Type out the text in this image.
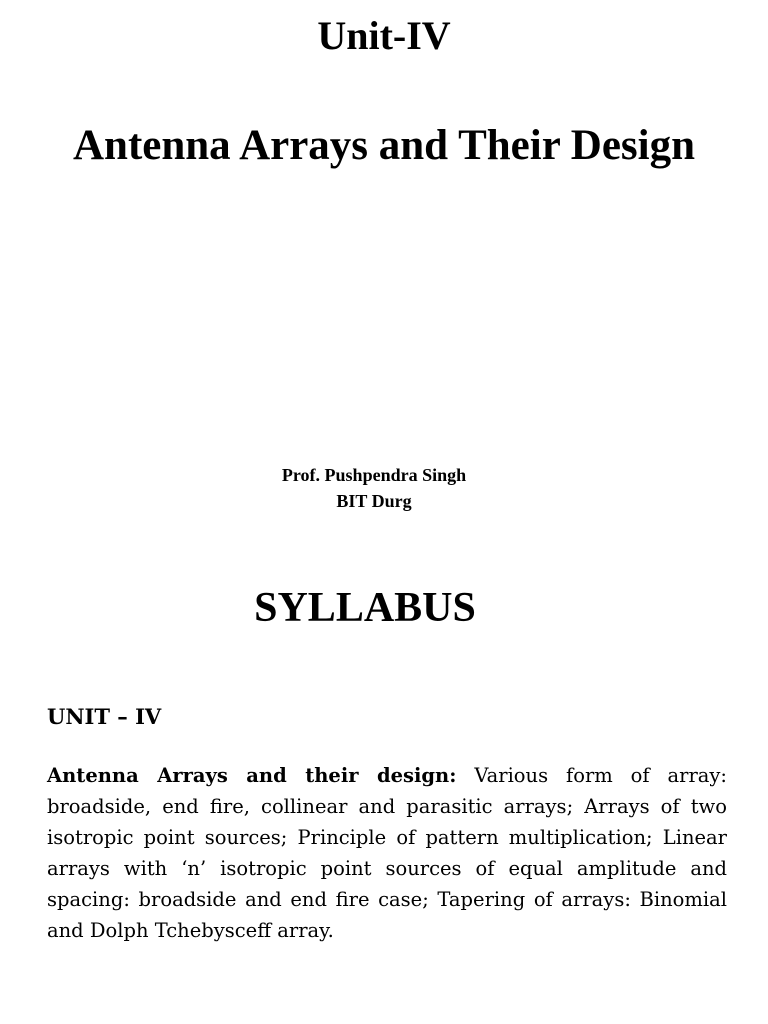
Unit-IV
Antenna Arrays and Their Design
Prof. Pushpendra Singh
BIT Durg
SYLLABUS
UNIT – IV

Antenna Arrays and their design: Various form of array: broadside, end fire, collinear and parasitic arrays; Arrays of two isotropic point sources; Principle of pattern multiplication; Linear arrays with ‘n’ isotropic point sources of equal amplitude and spacing: broadside and end fire case; Tapering of arrays: Binomial and Dolph Tchebysceff array.
